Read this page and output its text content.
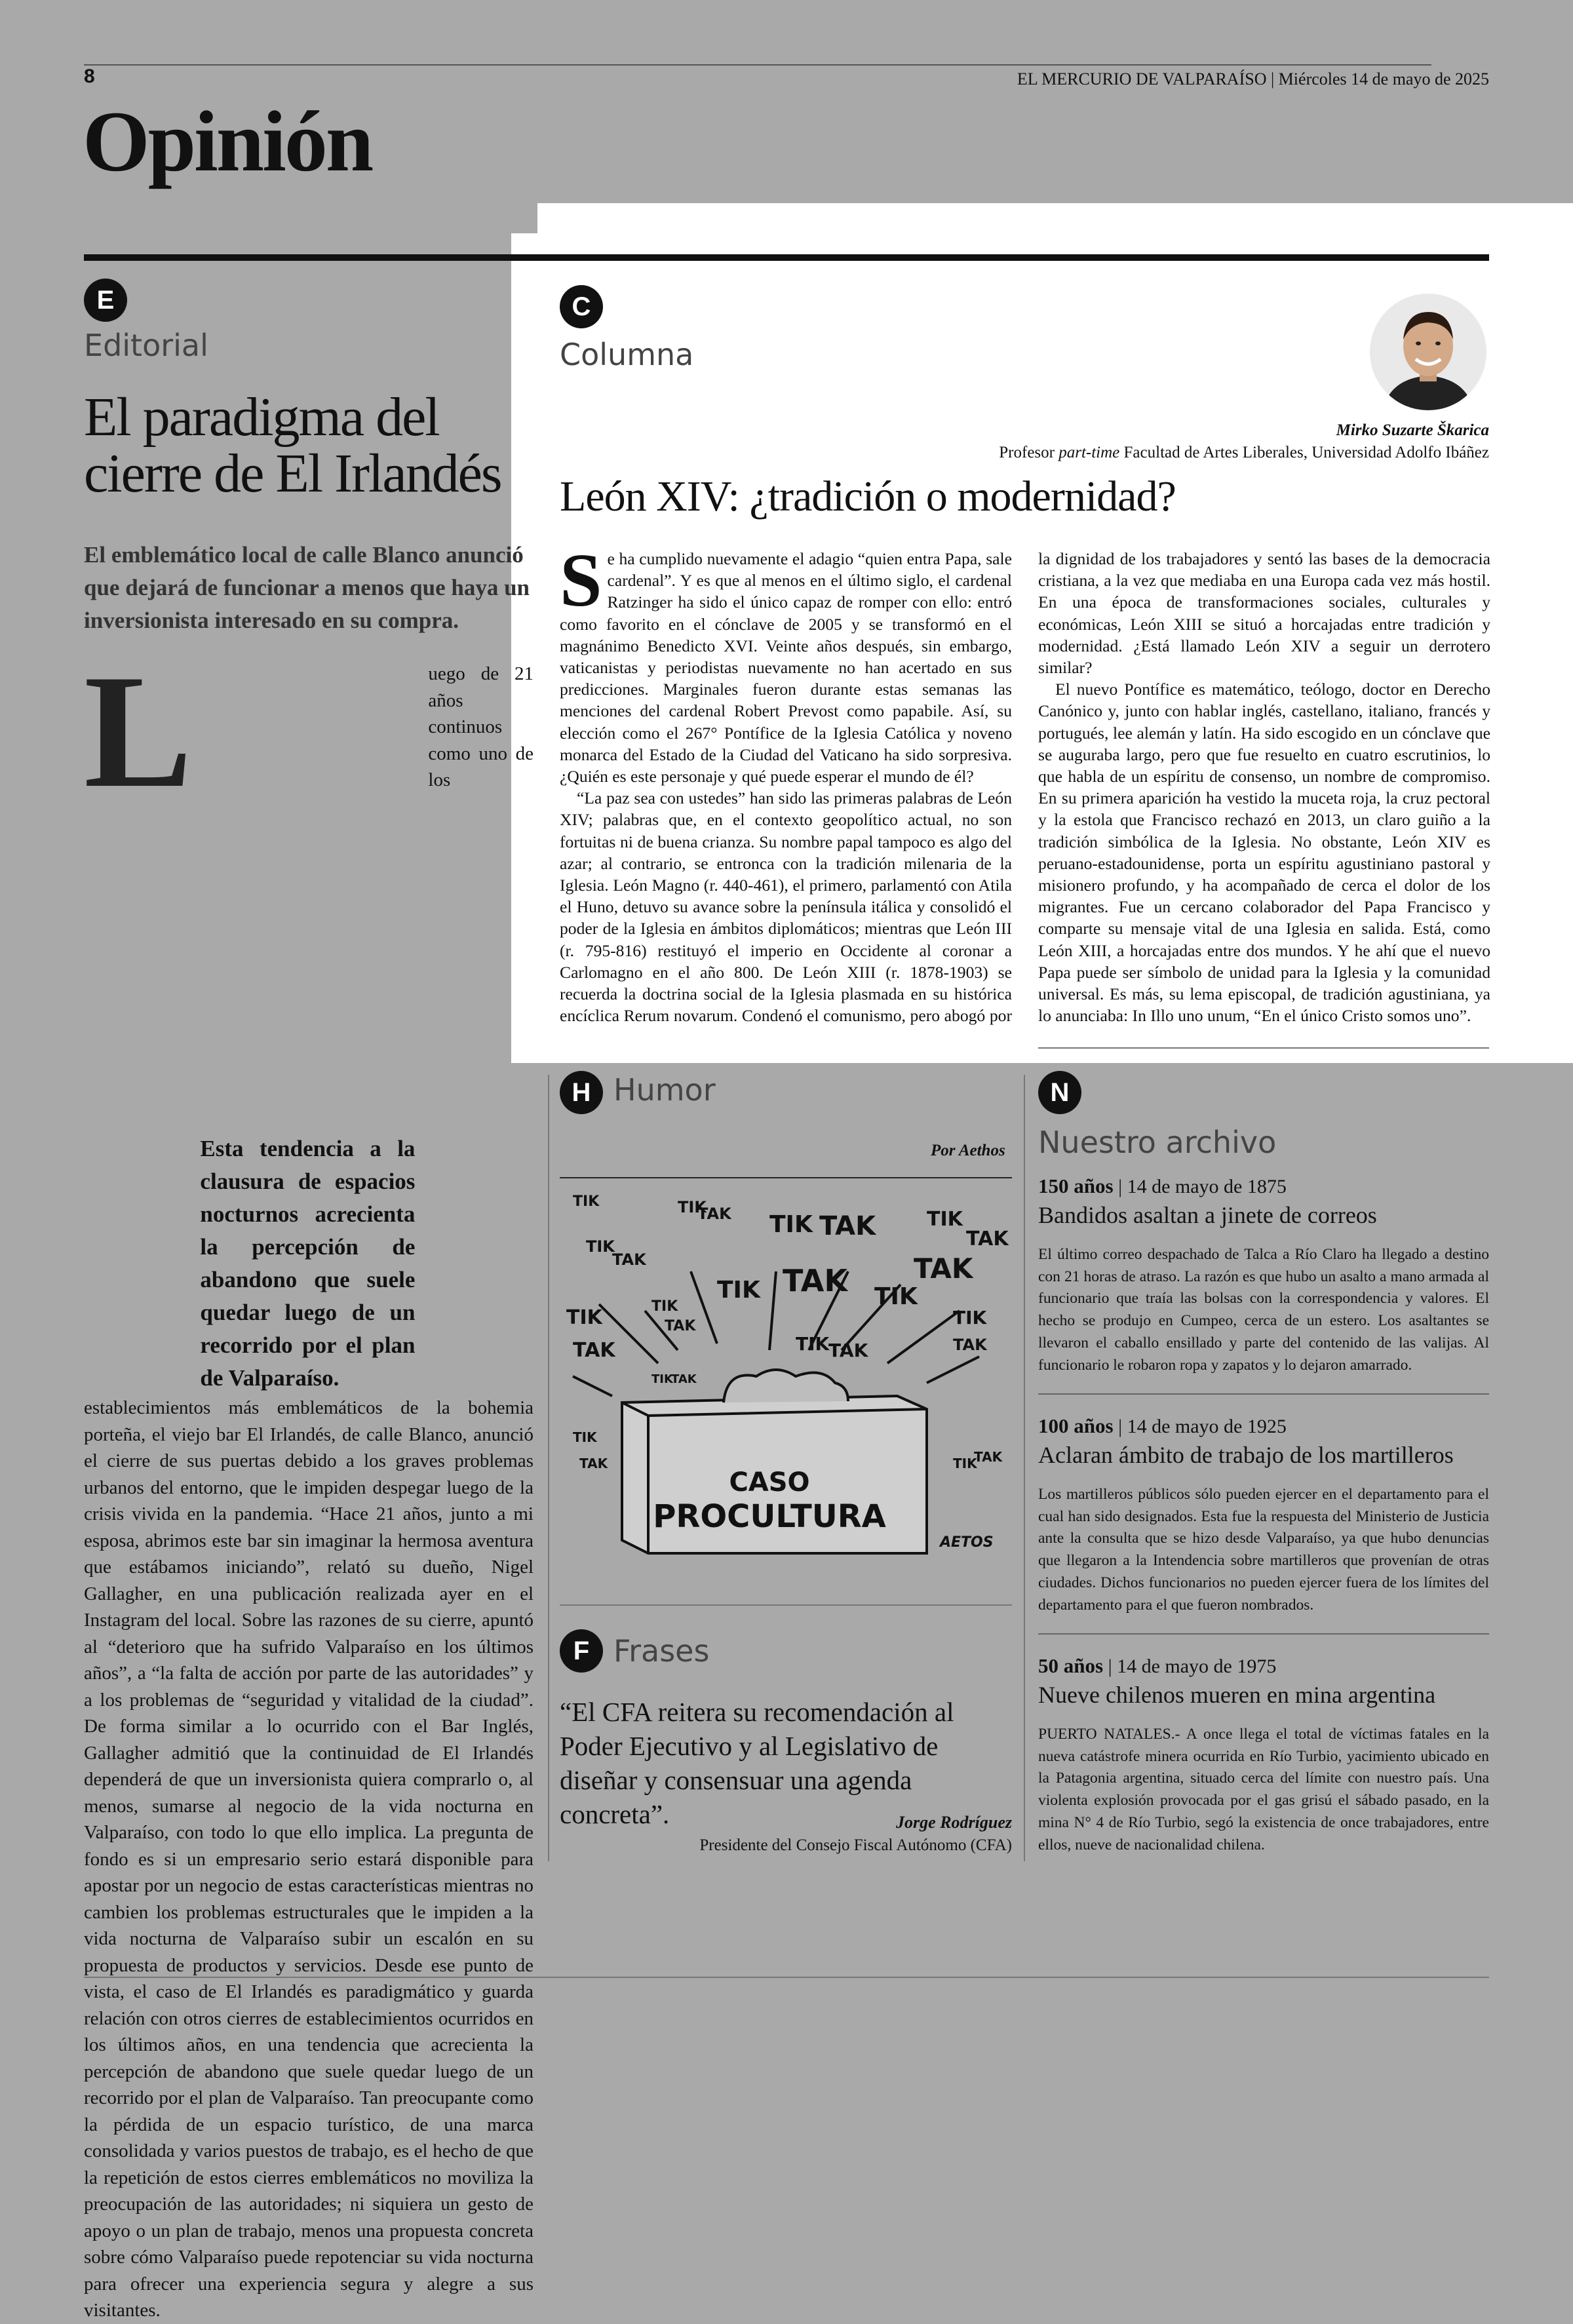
8	EL MERCURIO DE VALPARAÍSO | Miércoles 14 de mayo de 2025
Opinión
E
Editorial
El paradigma del cierre de El Irlandés
El emblemático local de calle Blanco anunció que dejará de funcionar a menos que haya un inversionista interesado en su compra.
L
Esta tendencia a la clausura de espacios nocturnos acrecienta la percepción de abandono que suele quedar luego de un recorrido por el plan de Valparaíso.
uego de 21 años continuos como uno de los establecimientos más emblemáticos de la bohemia porteña, el viejo bar El Irlandés, de calle Blanco, anunció el cierre de sus puertas debido a los graves problemas urbanos del entorno, que le impiden despegar luego de la crisis vivida en la pandemia. “Hace 21 años, junto a mi esposa, abrimos este bar sin imaginar la hermosa aventura que estábamos iniciando”, relató su dueño, Nigel Gallagher, en una publicación realizada ayer en el Instagram del local. Sobre las razones de su cierre, apuntó al “deterioro que ha sufrido Valparaíso en los últimos años”, a “la falta de acción por parte de las autoridades” y a los problemas de “seguridad y vitalidad de la ciudad”. De forma similar a lo ocurrido con el Bar Inglés, Gallagher admitió que la continuidad de El Irlandés dependerá de que un inversionista quiera comprarlo o, al menos, sumarse al negocio de la vida nocturna en Valparaíso, con todo lo que ello implica. La pregunta de fondo es si un empresario serio estará disponible para apostar por un negocio de estas características mientras no cambien los problemas estructurales que le impiden a la vida nocturna de Valparaíso subir un escalón en su propuesta de productos y servicios. Desde ese punto de vista, el caso de El Irlandés es paradigmático y guarda relación con otros cierres de establecimientos ocurridos en los últimos años, en una tendencia que acrecienta la percepción de abandono que suele quedar luego de un recorrido por el plan de Valparaíso. Tan preocupante como la pérdida de un espacio turístico, de una marca consolidada y varios puestos de trabajo, es el hecho de que la repetición de estos cierres emblemáticos no moviliza la preocupación de las autoridades; ni siquiera un gesto de apoyo o un plan de trabajo, menos una propuesta concreta sobre cómo Valparaíso puede repotenciar su vida nocturna para ofrecer una experiencia segura y alegre a sus visitantes.
C
Columna
Mirko Suzarte Škarica
Profesor part-time Facultad de Artes Liberales, Universidad Adolfo Ibáñez
León XIV: ¿tradición o modernidad?

Se ha cumplido nuevamente el adagio “quien entra Papa, sale cardenal”. Y es que al menos en el último siglo, el cardenal Ratzinger ha sido el único capaz de romper con ello: entró como favorito en el cónclave de 2005 y se transformó en el magnánimo Benedicto XVI. Veinte años después, sin embargo, vaticanistas y periodistas nuevamente no han acertado en sus predicciones. Marginales fueron durante estas semanas las menciones del cardenal Robert Prevost como papabile. Así, su elección como el 267° Pontífice de la Iglesia Católica y noveno monarca del Estado de la Ciudad del Vaticano ha sido sorpresiva. ¿Quién es este personaje y qué puede esperar el mundo de él?

“La paz sea con ustedes” han sido las primeras palabras de León XIV; palabras que, en el contexto geopolítico actual, no son fortuitas ni de buena crianza. Su nombre papal tampoco es algo del azar; al contrario, se entronca con la tradición milenaria de la Iglesia. León Magno (r. 440-461), el primero, parlamentó con Atila el Huno, detuvo su avance sobre la península itálica y consolidó el poder de la Iglesia en ámbitos diplomáticos; mientras que León III (r. 795-816) restituyó el imperio en Occidente al coronar a Carlomagno en el año 800. De León XIII (r. 1878-1903) se recuerda la doctrina social de la Iglesia plasmada en su histórica encíclica Rerum novarum. Condenó el comunismo, pero abogó por la dignidad de los trabajadores y sentó las bases de la democracia cristiana, a la vez que mediaba en una Europa cada vez más hostil. En una época de transformaciones sociales, culturales y económicas, León XIII se situó a horcajadas entre tradición y modernidad. ¿Está llamado León XIV a seguir un derrotero similar?

El nuevo Pontífice es matemático, teólogo, doctor en Derecho Canónico y, junto con hablar inglés, castellano, italiano, francés y portugués, lee alemán y latín. Ha sido escogido en un cónclave que se auguraba largo, pero que fue resuelto en cuatro escrutinios, lo que habla de un espíritu de consenso, un nombre de compromiso. En su primera aparición ha vestido la muceta roja, la cruz pectoral y la estola que Francisco rechazó en 2013, un claro guiño a la tradición simbólica de la Iglesia. No obstante, León XIV es peruano-estadounidense, porta un espíritu agustiniano pastoral y misionero profundo, y ha acompañado de cerca el dolor de los migrantes. Fue un cercano colaborador del Papa Francisco y comparte su mensaje vital de una Iglesia en salida. Está, como León XIII, a horcajadas entre dos mundos. Y he ahí que el nuevo Papa puede ser símbolo de unidad para la Iglesia y la comunidad universal. Es más, su lema episcopal, de tradición agustiniana, ya lo anunciaba: In Illo uno unum, “En el único Cristo somos uno”.

H Humor
Por Aethos
TIK	TIK
TAK TIK TAK	TIK
TAK
TIK
TAK
TIK TAK TAK
TIK
TIK
TAK
TIK
TAK
TIK
TAK
TIK
TAK
TIK
TAK
TIK
TAK	TIK
TAK
CASO
PROCULTURA
AETOS
F Frases
“El CFA reitera su recomendación al Poder Ejecutivo y al Legislativo de diseñar y consensuar una agenda concreta”.	Jorge Rodríguez
Presidente del Consejo Fiscal Autónomo (CFA)
N
Nuestro archivo
150 años | 14 de mayo de 1875
Bandidos asaltan a jinete de correos
El último correo despachado de Talca a Río Claro ha llegado a destino con 21 horas de atraso. La razón es que hubo un asalto a mano armada al funcionario que traía las bolsas con la correspondencia y valores. El hecho se produjo en Cumpeo, cerca de un estero. Los asaltantes se llevaron el caballo ensillado y parte del contenido de las valijas. Al funcionario le robaron ropa y zapatos y lo dejaron amarrado.
100 años | 14 de mayo de 1925
Aclaran ámbito de trabajo de los martilleros
Los martilleros públicos sólo pueden ejercer en el departamento para el cual han sido designados. Esta fue la respuesta del Ministerio de Justicia ante la consulta que se hizo desde Valparaíso, ya que hubo denuncias que llegaron a la Intendencia sobre martilleros que provenían de otras ciudades. Dichos funcionarios no pueden ejercer fuera de los límites del departamento para el que fueron nombrados.
50 años | 14 de mayo de 1975
Nueve chilenos mueren en mina argentina
PUERTO NATALES.- A once llega el total de víctimas fatales en la nueva catástrofe minera ocurrida en Río Turbio, yacimiento ubicado en la Patagonia argentina, situado cerca del límite con nuestro país. Una violenta explosión provocada por el gas grisú el sábado pasado, en la mina N° 4 de Río Turbio, segó la existencia de once trabajadores, entre ellos, nueve de nacionalidad chilena.
